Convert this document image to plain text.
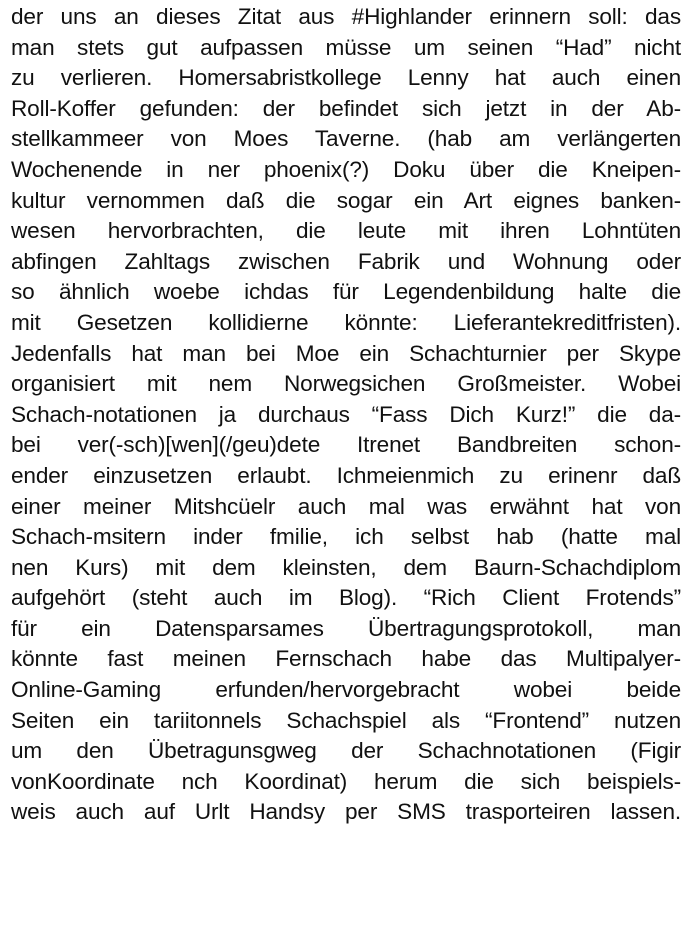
der uns an dieses Zitat aus #Highlander erinnern soll: das
man stets gut aufpassen müsse um seinen “Had” nicht
zu verlieren. Homersabristkollege Lenny hat auch einen
Roll-Koffer gefunden: der befindet sich jetzt in der Ab-
stellkammeer von Moes Taverne. (hab am verlängerten
Wochenende in ner phoenix(?) Doku über die Kneipen-
kultur vernommen daß die sogar ein Art eignes banken-
wesen hervorbrachten, die leute mit ihren Lohntüten
abfingen Zahltags zwischen Fabrik und Wohnung oder
so ähnlich woebe ichdas für Legendenbildung halte die
mit Gesetzen kollidierne könnte: Lieferantekreditfristen).
Jedenfalls hat man bei Moe ein Schachturnier per Skype
organisiert mit nem Norwegsichen Großmeister. Wobei
Schach-notationen ja durchaus “Fass Dich Kurz!” die da-
bei ver(-sch)[wen](/geu)dete Itrenet Bandbreiten schon-
ender einzusetzen erlaubt. Ichmeienmich zu erinenr daß
einer meiner Mitshcüelr auch mal was erwähnt hat von
Schach-msitern inder fmilie, ich selbst hab (hatte mal
nen Kurs) mit dem kleinsten, dem Baurn-Schachdiplom
aufgehört (steht auch im Blog). “Rich Client Frotends”
für ein Datensparsames Übertragungsprotokoll, man
könnte fast meinen Fernschach habe das Multipalyer-
Online-Gaming erfunden/hervorgebracht wobei beide
Seiten ein tariitonnels Schachspiel als “Frontend” nutzen
um den Übetragunsgweg der Schachnotationen (Figir
vonKoordinate nch Koordinat) herum die sich beispiels-
weis auch auf Urlt Handsy per SMS trasporteiren lassen.
